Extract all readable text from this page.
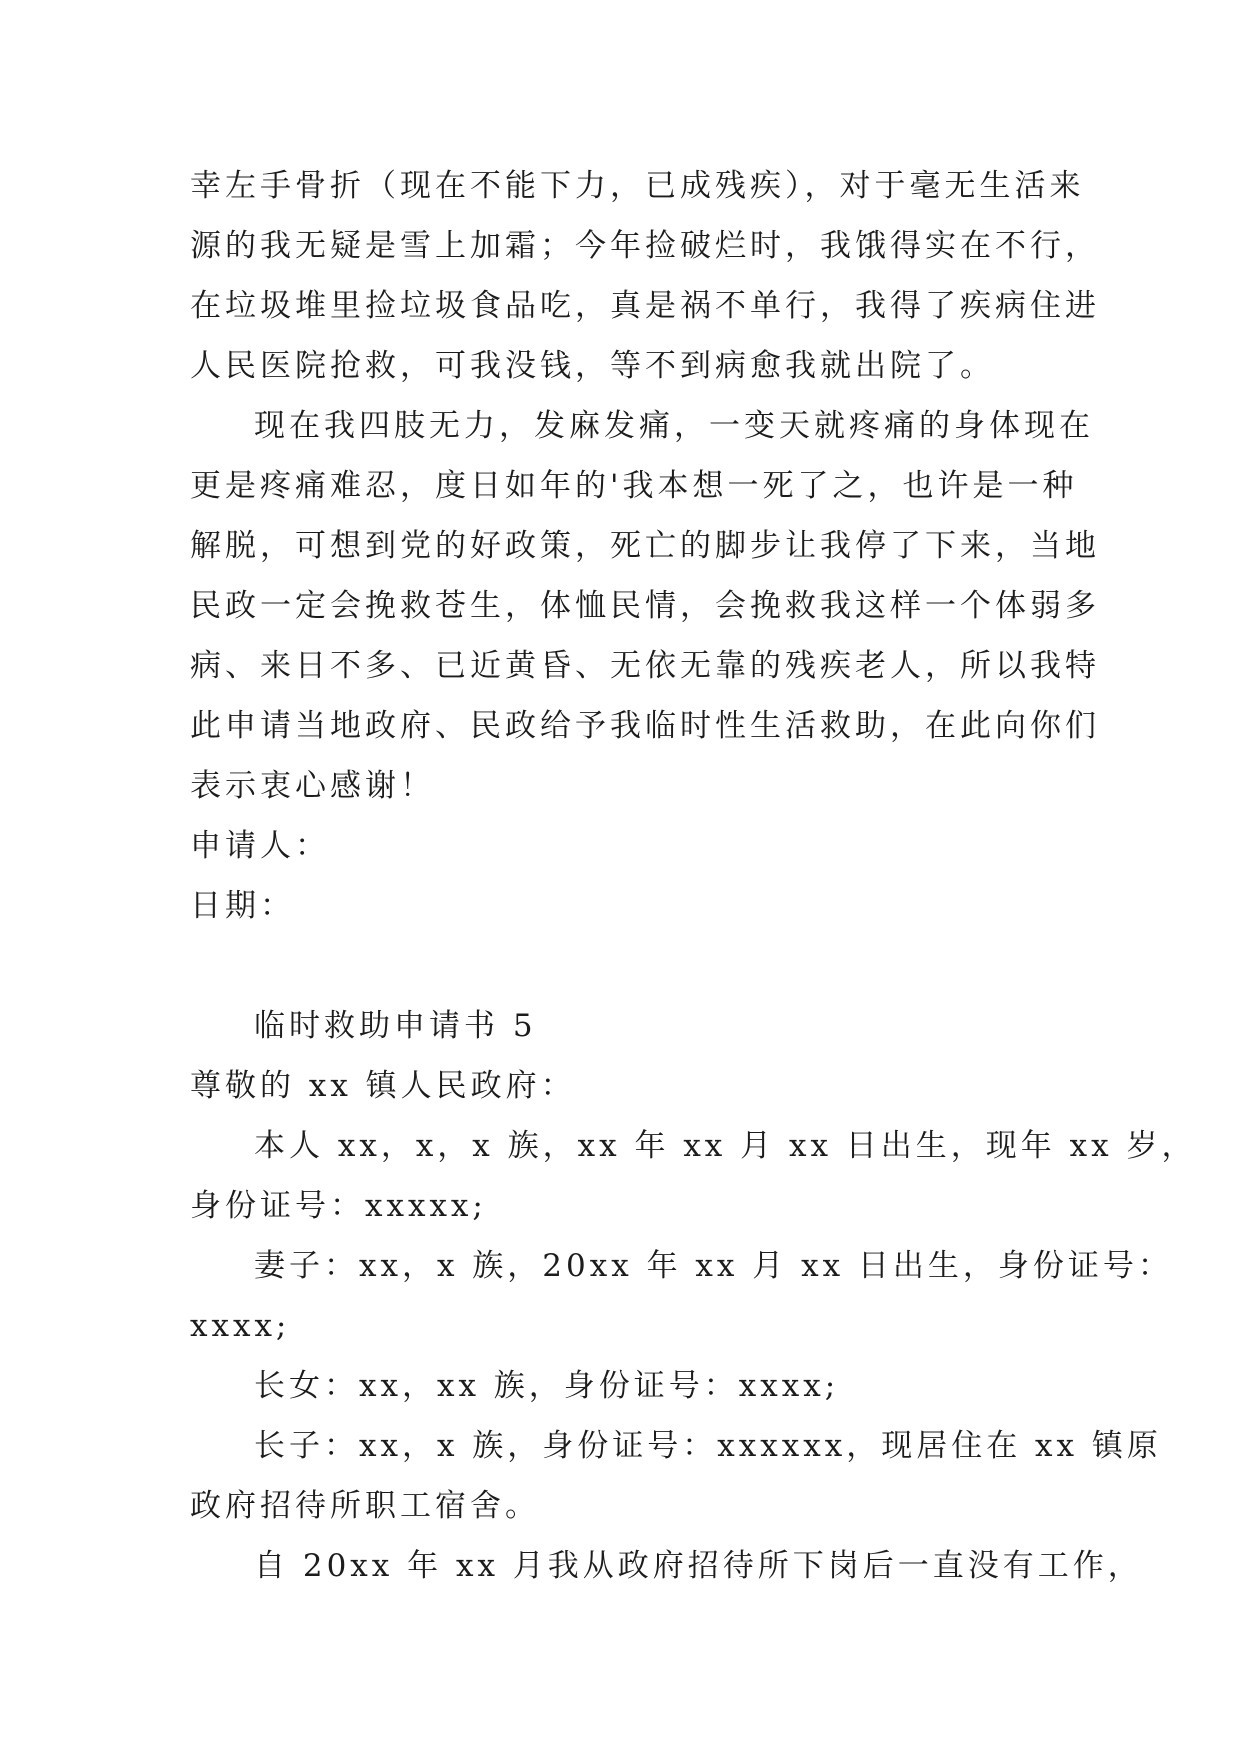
幸左手骨折（现在不能下力，已成残疾），对于毫无生活来
源的我无疑是雪上加霜；今年捡破烂时，我饿得实在不行，
在垃圾堆里捡垃圾食品吃，真是祸不单行，我得了疾病住进
人民医院抢救，可我没钱，等不到病愈我就出院了。
现在我四肢无力，发麻发痛，一变天就疼痛的身体现在
更是疼痛难忍，度日如年的'我本想一死了之，也许是一种
解脱，可想到党的好政策，死亡的脚步让我停了下来，当地
民政一定会挽救苍生，体恤民情，会挽救我这样一个体弱多
病、来日不多、已近黄昏、无依无靠的残疾老人，所以我特
此申请当地政府、民政给予我临时性生活救助，在此向你们
表示衷心感谢！
申请人：
日期：
临时救助申请书 5
尊敬的 xx 镇人民政府：
本人 xx，x，x 族，xx 年 xx 月 xx 日出生，现年 xx 岁，
身份证号：xxxxx;
妻子：xx，x 族，20xx 年 xx 月 xx 日出生，身份证号：
xxxx;
长女：xx，xx 族，身份证号：xxxx;
长子：xx，x 族，身份证号：xxxxxx，现居住在 xx 镇原
政府招待所职工宿舍。
自 20xx 年 xx 月我从政府招待所下岗后一直没有工作，
